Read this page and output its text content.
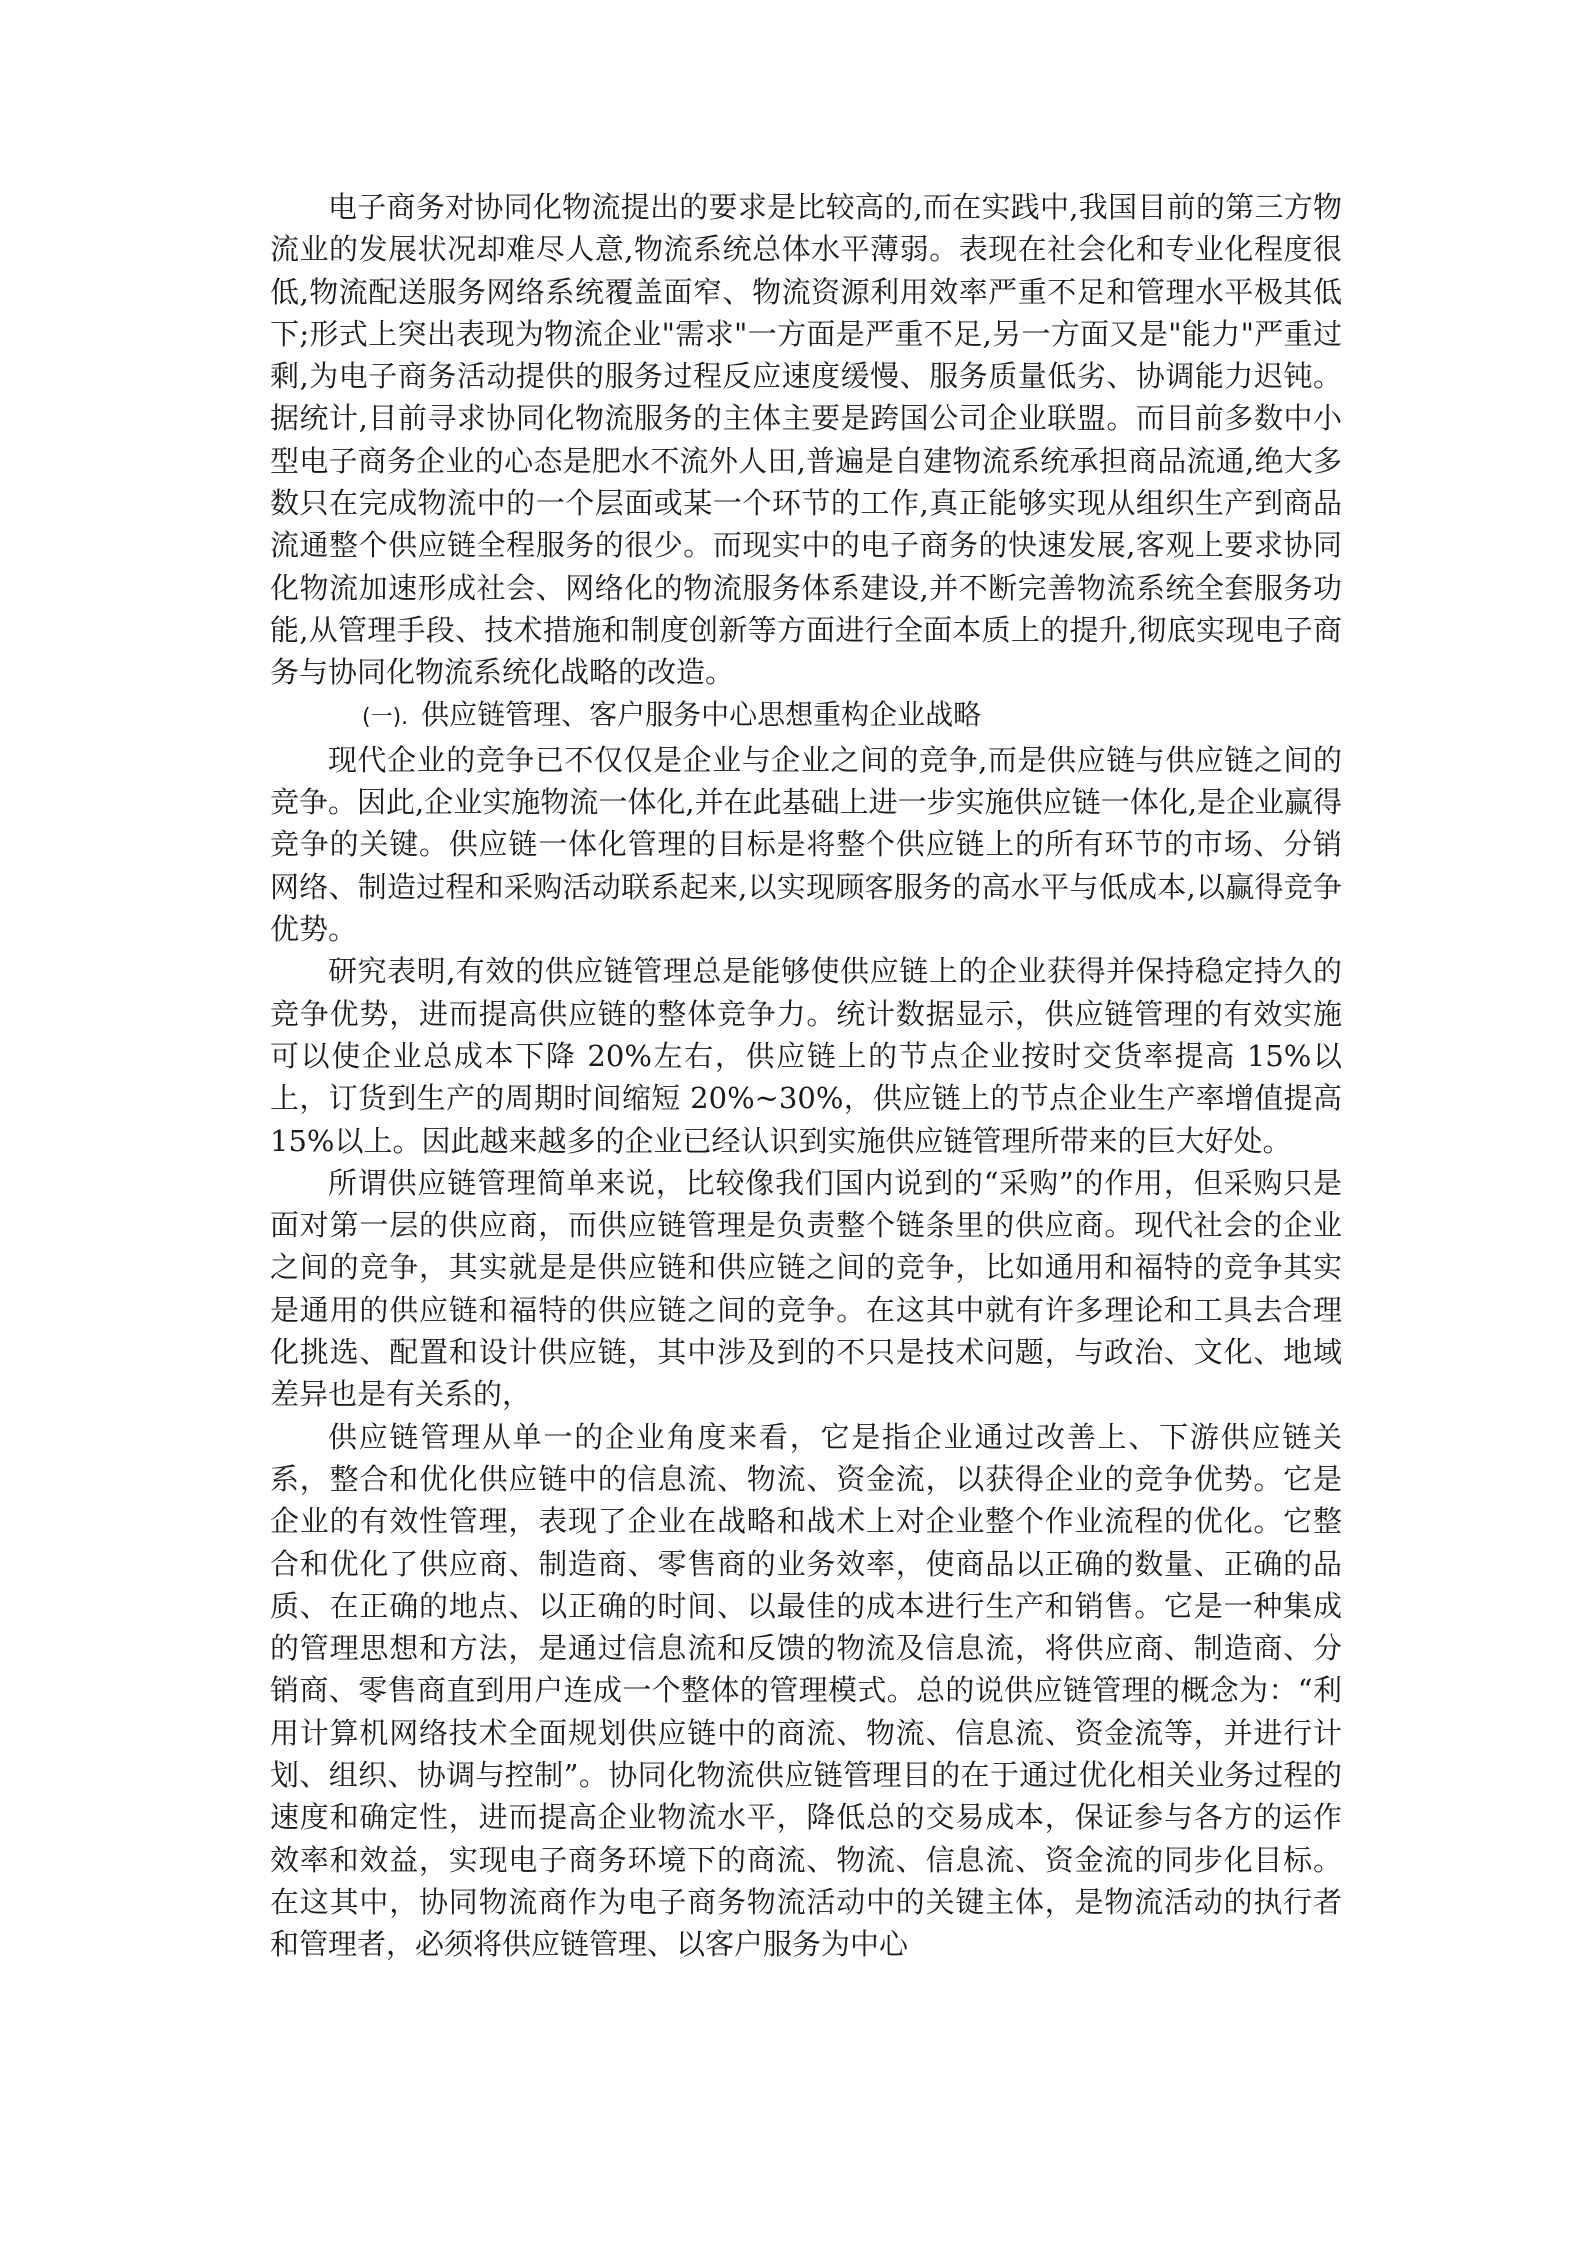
电子商务对协同化物流提出的要求是比较高的,而在实践中,我国目前的第三方物流业的发展状况却难尽人意,物流系统总体水平薄弱。表现在社会化和专业化程度很低,物流配送服务网络系统覆盖面窄、物流资源利用效率严重不足和管理水平极其低下;形式上突出表现为物流企业"需求"一方面是严重不足,另一方面又是"能力"严重过剩,为电子商务活动提供的服务过程反应速度缓慢、服务质量低劣、协调能力迟钝。据统计,目前寻求协同化物流服务的主体主要是跨国公司企业联盟。而目前多数中小型电子商务企业的心态是肥水不流外人田,普遍是自建物流系统承担商品流通,绝大多数只在完成物流中的一个层面或某一个环节的工作,真正能够实现从组织生产到商品流通整个供应链全程服务的很少。而现实中的电子商务的快速发展,客观上要求协同化物流加速形成社会、网络化的物流服务体系建设,并不断完善物流系统全套服务功能,从管理手段、技术措施和制度创新等方面进行全面本质上的提升,彻底实现电子商务与协同化物流系统化战略的改造。

(一). 供应链管理、客户服务中心思想重构企业战略

现代企业的竞争已不仅仅是企业与企业之间的竞争,而是供应链与供应链之间的竞争。因此,企业实施物流一体化,并在此基础上进一步实施供应链一体化,是企业赢得竞争的关键。供应链一体化管理的目标是将整个供应链上的所有环节的市场、分销网络、制造过程和采购活动联系起来,以实现顾客服务的高水平与低成本,以赢得竞争优势。

研究表明,有效的供应链管理总是能够使供应链上的企业获得并保持稳定持久的竞争优势，进而提高供应链的整体竞争力。统计数据显示，供应链管理的有效实施可以使企业总成本下降 20%左右，供应链上的节点企业按时交货率提高 15%以上，订货到生产的周期时间缩短 20%~30%，供应链上的节点企业生产率增值提高 15%以上。因此越来越多的企业已经认识到实施供应链管理所带来的巨大好处。

所谓供应链管理简单来说，比较像我们国内说到的“采购”的作用，但采购只是面对第一层的供应商，而供应链管理是负责整个链条里的供应商。现代社会的企业之间的竞争，其实就是是供应链和供应链之间的竞争，比如通用和福特的竞争其实是通用的供应链和福特的供应链之间的竞争。在这其中就有许多理论和工具去合理化挑选、配置和设计供应链，其中涉及到的不只是技术问题，与政治、文化、地域差异也是有关系的，

供应链管理从单一的企业角度来看，它是指企业通过改善上、下游供应链关系，整合和优化供应链中的信息流、物流、资金流，以获得企业的竞争优势。它是企业的有效性管理，表现了企业在战略和战术上对企业整个作业流程的优化。它整合和优化了供应商、制造商、零售商的业务效率，使商品以正确的数量、正确的品质、在正确的地点、以正确的时间、以最佳的成本进行生产和销售。它是一种集成的管理思想和方法，是通过信息流和反馈的物流及信息流，将供应商、制造商、分销商、零售商直到用户连成一个整体的管理模式。总的说供应链管理的概念为：“利用计算机网络技术全面规划供应链中的商流、物流、信息流、资金流等，并进行计划、组织、协调与控制”。协同化物流供应链管理目的在于通过优化相关业务过程的速度和确定性，进而提高企业物流水平，降低总的交易成本，保证参与各方的运作效率和效益，实现电子商务环境下的商流、物流、信息流、资金流的同步化目标。在这其中，协同物流商作为电子商务物流活动中的关键主体，是物流活动的执行者和管理者，必须将供应链管理、以客户服务为中心
